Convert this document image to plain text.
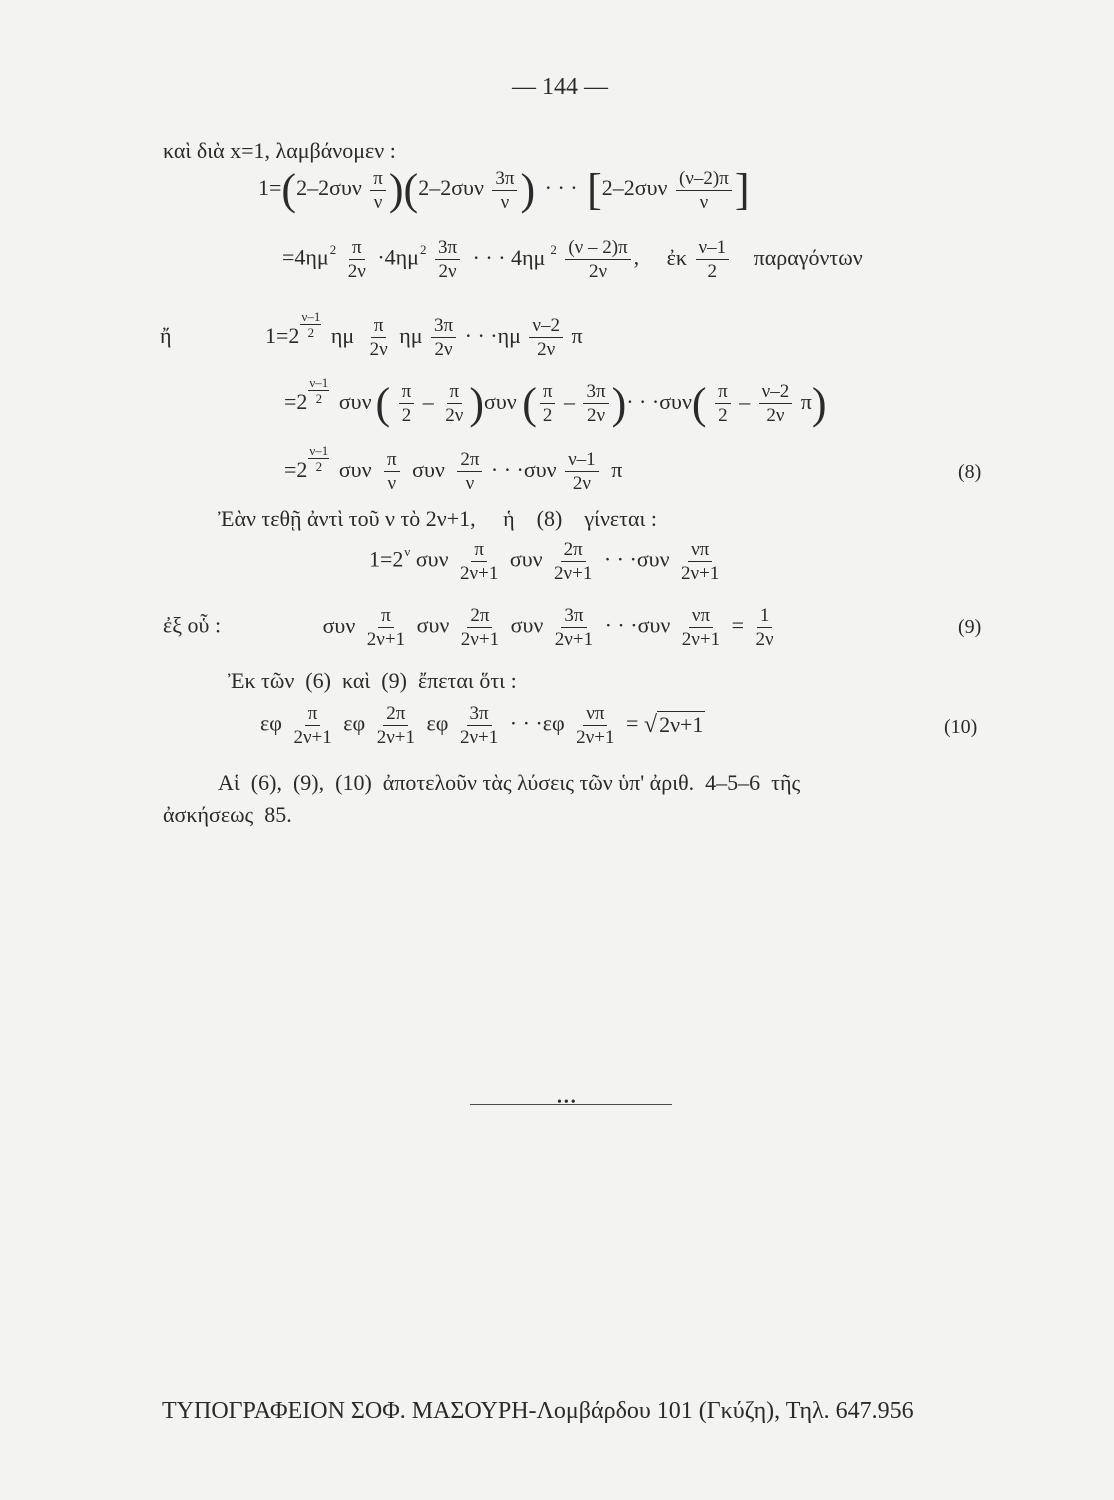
— 144 —
καὶ διὰ x=1, λαμβάνομεν :
$1=(2-2\sigma\upsilon\nu \frac{\pi}{\nu} )(2-2\sigma\upsilon\nu \frac{3\pi}{\nu}$ ) · · · [$2-2\sigma\upsilon\nu \frac{(\nu-2)\pi}{\nu}$ ]
$=4\eta\mu^2 \frac{\pi}{2\nu} \cdot 4\eta\mu^2 \frac{3\pi}{2\nu}$ · · · 4ημ $^2 \frac{(\nu - 2)\pi}{2\nu}$ , ἐκ $\frac{\nu-1}{2}$ παραγόντων
ἤ	$1=2 \frac{\nu-1}{2}$ ημ $\frac{\pi}{2\nu}$ ημ $\frac{3\pi}{2\nu}$ · · $\cdot\eta\mu \frac{\nu-2}{2\nu}$ π
$=2 \frac{\nu-1}{2} \sigma\upsilon\nu( \frac{\pi}{2} - \frac{\pi}{2\nu} )\sigma\upsilon\nu$ ( $\frac{\pi}{2} - \frac{3\pi}{2\nu}$ )· · $\cdot\sigma\upsilon\nu( \frac{\pi}{2} - \frac{\nu-2}{2\nu} \pi)$
$=2 \frac{\nu-1}{2}$ συν $\frac{\pi}{\nu}$ συν $\frac{2\pi}{\nu}$ · · $\cdot\sigma\upsilon\nu \frac{\nu-1}{2\nu}$ π	(8)
Ἐὰν τεθῇ ἀντὶ τοῦ ν τὸ 2ν+1,     ἡ    (8)    γίνεται :
$1=2^\nu$ συν $\frac{\pi}{2\nu+1}$ συν $\frac{2\pi}{2\nu+1}$ · · $\cdot\sigma\upsilon\nu \frac{\nu\pi}{2\nu+1}$
ἐξ οὗ :	συν $\frac{\pi}{2\nu+1}$ συν $\frac{2\pi}{2\nu+1}$ συν $\frac{3\pi}{2\nu+1}$ · · $\cdot\sigma\upsilon\nu \frac{\nu\pi}{2\nu+1} = \frac{1}{2\nu}$	(9)
Ἐκ τῶν  (6)  καὶ  (9)  ἔπεται ὅτι :
εφ $\frac{\pi}{2\nu+1}$ εφ $\frac{2\pi}{2\nu+1}$ εφ $\frac{3\pi}{2\nu+1}$ · · $\cdot\varepsilon\varphi \frac{\nu\pi}{2\nu+1} = √2\nu+1$	(10)
Αἱ  (6),  (9),  (10)  ἀποτελοῦν τὰς λύσεις τῶν ὑπ' ἀριθ.  4–5–6  τῆς
ἀσκήσεως  85.
•••
ΤΥΠΟΓΡΑΦΕΙΟΝ ΣΟΦ. ΜΑΣΟΥΡΗ-Λομβάρδου 101 (Γκύζη), Τηλ. 647.956
